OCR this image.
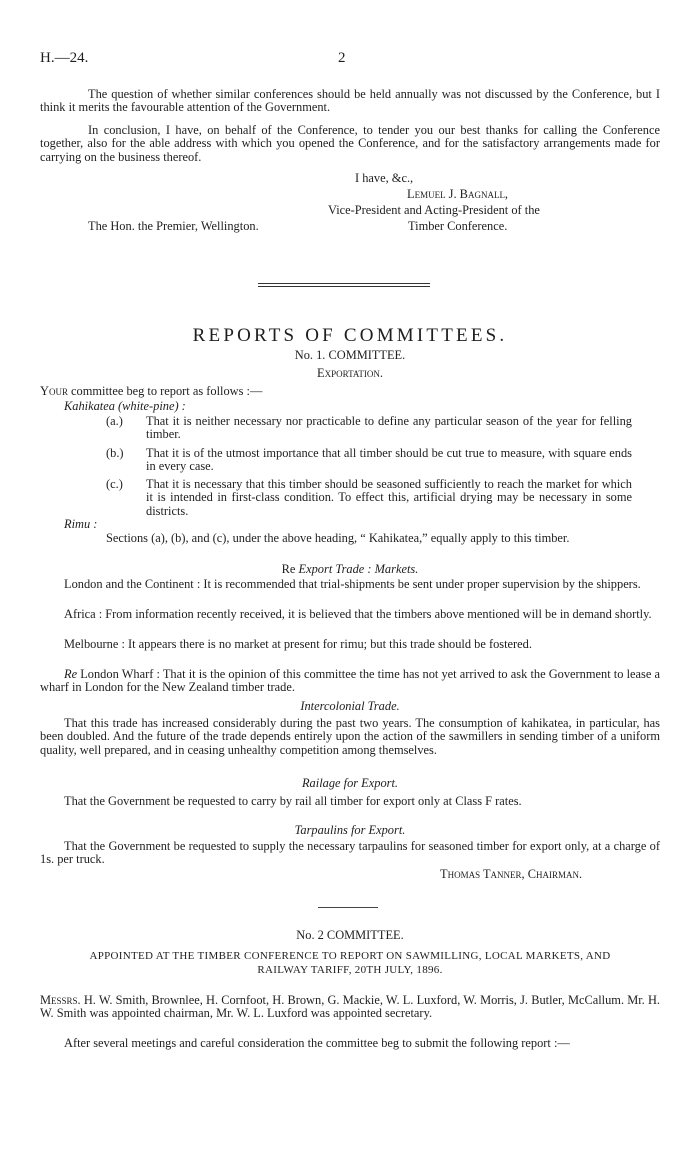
H.—24.	2
The question of whether similar conferences should be held annually was not discussed by the Conference, but I think it merits the favourable attention of the Government.
In conclusion, I have, on behalf of the Conference, to tender you our best thanks for calling the Conference together, also for the able address with which you opened the Conference, and for the satisfactory arrangements made for carrying on the business thereof.
I have, &c.,
Lemuel J. Bagnall,
Vice-President and Acting-President of the
The Hon. the Premier, Wellington.	Timber Conference.
REPORTS OF COMMITTEES.
No. 1. COMMITTEE.
Exportation.
Your committee beg to report as follows :—
Kahikatea (white-pine) :
(a.) That it is neither necessary nor practicable to define any particular season of the year for felling timber.
(b.) That it is of the utmost importance that all timber should be cut true to measure, with square ends in every case.
(c.) That it is necessary that this timber should be seasoned sufficiently to reach the market for which it is intended in first-class condition. To effect this, artificial drying may be necessary in some districts.
Rimu :
Sections (a), (b), and (c), under the above heading, “ Kahikatea,” equally apply to this timber.
Re Export Trade : Markets.
London and the Continent : It is recommended that trial-shipments be sent under proper supervision by the shippers.
Africa : From information recently received, it is believed that the timbers above mentioned will be in demand shortly.
Melbourne : It appears there is no market at present for rimu; but this trade should be fostered.
Re London Wharf : That it is the opinion of this committee the time has not yet arrived to ask the Government to lease a wharf in London for the New Zealand timber trade.
Intercolonial Trade.
That this trade has increased considerably during the past two years. The consumption of kahikatea, in particular, has been doubled. And the future of the trade depends entirely upon the action of the sawmillers in sending timber of a uniform quality, well prepared, and in ceasing unhealthy competition among themselves.
Railage for Export.
That the Government be requested to carry by rail all timber for export only at Class F rates.
Tarpaulins for Export.
That the Government be requested to supply the necessary tarpaulins for seasoned timber for export only, at a charge of 1s. per truck.
Thomas Tanner, Chairman.
No. 2 COMMITTEE.
APPOINTED AT THE TIMBER CONFERENCE TO REPORT ON SAWMILLING, LOCAL MARKETS, AND
RAILWAY TARIFF, 20TH JULY, 1896.
Messrs. H. W. Smith, Brownlee, H. Cornfoot, H. Brown, G. Mackie, W. L. Luxford, W. Morris, J. Butler, McCallum. Mr. H. W. Smith was appointed chairman, Mr. W. L. Luxford was appointed secretary.
After several meetings and careful consideration the committee beg to submit the following report :—
